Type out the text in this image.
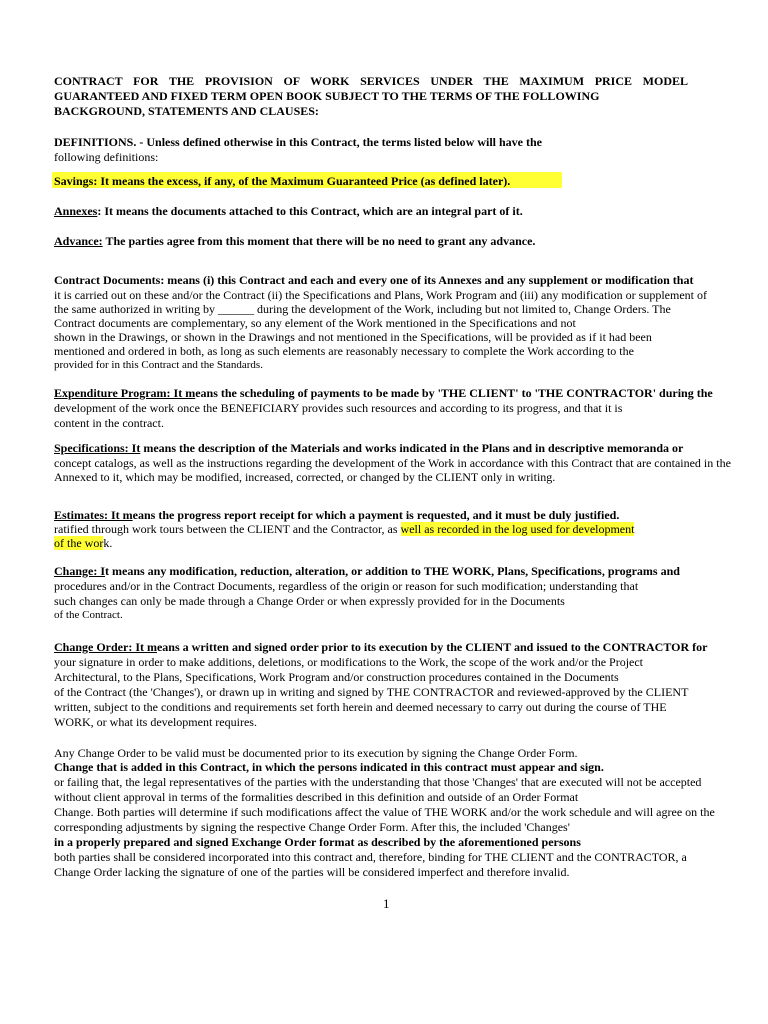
CONTRACT FOR THE PROVISION OF WORK SERVICES UNDER THE MAXIMUM PRICE MODEL
GUARANTEED AND FIXED TERM OPEN BOOK SUBJECT TO THE TERMS OF THE FOLLOWING
BACKGROUND, STATEMENTS AND CLAUSES:
DEFINITIONS. - Unless defined otherwise in this Contract, the terms listed below will have the
following definitions:
Savings: It means the excess, if any, of the Maximum Guaranteed Price (as defined later).
Annexes: It means the documents attached to this Contract, which are an integral part of it.
Advance: The parties agree from this moment that there will be no need to grant any advance.
Contract Documents: means (i) this Contract and each and every one of its Annexes and any supplement or modification that
it is carried out on these and/or the Contract (ii) the Specifications and Plans, Work Program and (iii) any modification or supplement of
the same authorized in writing by ______ during the development of the Work, including but not limited to, Change Orders. The
Contract documents are complementary, so any element of the Work mentioned in the Specifications and not
shown in the Drawings, or shown in the Drawings and not mentioned in the Specifications, will be provided as if it had been
mentioned and ordered in both, as long as such elements are reasonably necessary to complete the Work according to the
provided for in this Contract and the Standards.
Expenditure Program: It means the scheduling of payments to be made by 'THE CLIENT' to 'THE CONTRACTOR' during the
development of the work once the BENEFICIARY provides such resources and according to its progress, and that it is
content in the contract.
Specifications: It means the description of the Materials and works indicated in the Plans and in descriptive memoranda or
concept catalogs, as well as the instructions regarding the development of the Work in accordance with this Contract that are contained in the
Annexed to it, which may be modified, increased, corrected, or changed by the CLIENT only in writing.
Estimates: It means the progress report receipt for which a payment is requested, and it must be duly justified.
ratified through work tours between the CLIENT and the Contractor, as well as recorded in the log used for development
of the work.
Change: It means any modification, reduction, alteration, or addition to THE WORK, Plans, Specifications, programs and
procedures and/or in the Contract Documents, regardless of the origin or reason for such modification; understanding that
such changes can only be made through a Change Order or when expressly provided for in the Documents
of the Contract.
Change Order: It means a written and signed order prior to its execution by the CLIENT and issued to the CONTRACTOR for
your signature in order to make additions, deletions, or modifications to the Work, the scope of the work and/or the Project
Architectural, to the Plans, Specifications, Work Program and/or construction procedures contained in the Documents
of the Contract (the 'Changes'), or drawn up in writing and signed by THE CONTRACTOR and reviewed-approved by the CLIENT
written, subject to the conditions and requirements set forth herein and deemed necessary to carry out during the course of THE
WORK, or what its development requires.
Any Change Order to be valid must be documented prior to its execution by signing the Change Order Form.
Change that is added in this Contract, in which the persons indicated in this contract must appear and sign.
or failing that, the legal representatives of the parties with the understanding that those 'Changes' that are executed will not be accepted
without client approval in terms of the formalities described in this definition and outside of an Order Format
Change. Both parties will determine if such modifications affect the value of THE WORK and/or the work schedule and will agree on the
corresponding adjustments by signing the respective Change Order Form. After this, the included 'Changes'
in a properly prepared and signed Exchange Order format as described by the aforementioned persons
both parties shall be considered incorporated into this contract and, therefore, binding for THE CLIENT and the CONTRACTOR, a
Change Order lacking the signature of one of the parties will be considered imperfect and therefore invalid.
1
